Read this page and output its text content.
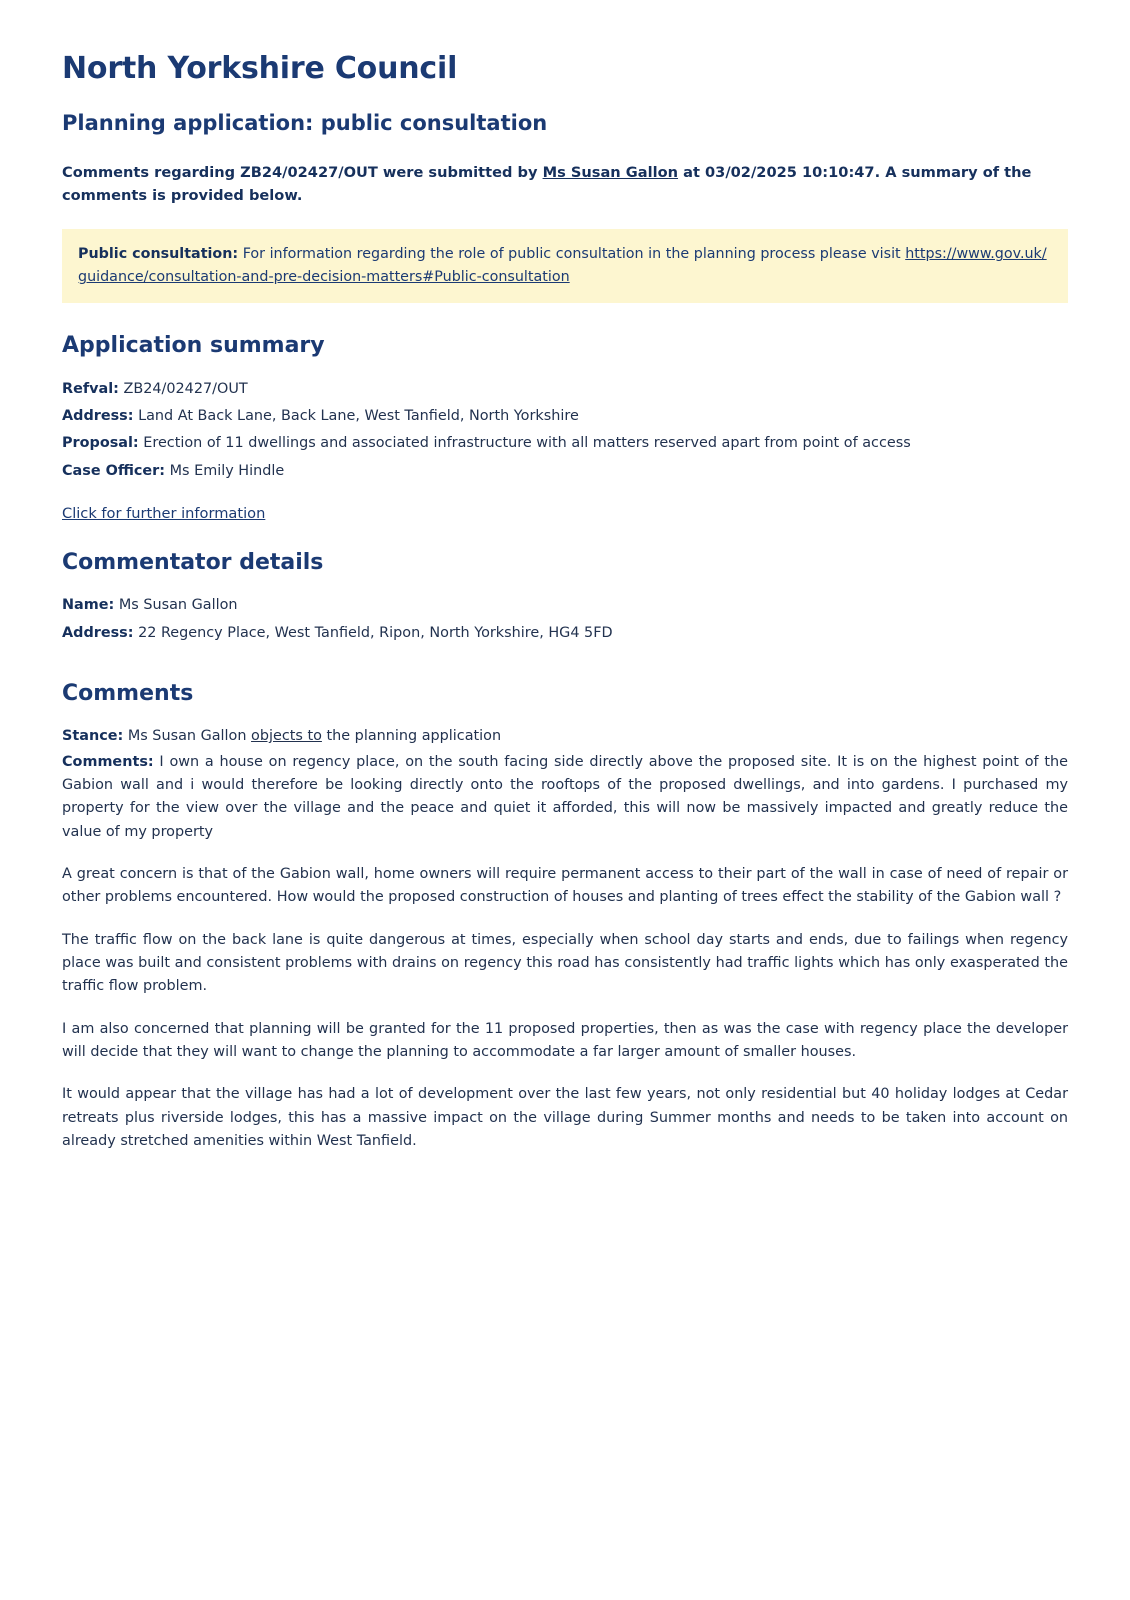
North Yorkshire Council
Planning application: public consultation
Comments regarding ZB24/02427/OUT were submitted by Ms Susan Gallon at 03/02/2025 10:10:47. A summary of the comments is provided below.
Public consultation: For information regarding the role of public consultation in the planning process please visit https://www.gov.uk/guidance/consultation-and-pre-decision-matters#Public-consultation
Application summary
Refval: ZB24/02427/OUT
Address: Land At Back Lane, Back Lane, West Tanfield, North Yorkshire
Proposal: Erection of 11 dwellings and associated infrastructure with all matters reserved apart from point of access
Case Officer: Ms Emily Hindle
Click for further information
Commentator details
Name: Ms Susan Gallon
Address: 22 Regency Place, West Tanfield, Ripon, North Yorkshire, HG4 5FD
Comments

Stance: Ms Susan Gallon objects to the planning application

Comments: I own a house on regency place, on the south facing side directly above the proposed site. It is on the highest point of the Gabion wall and i would therefore be looking directly onto the rooftops of the proposed dwellings, and into gardens. I purchased my property for the view over the village and the peace and quiet it afforded, this will now be massively impacted and greatly reduce the value of my property

A great concern is that of the Gabion wall, home owners will require permanent access to their part of the wall in case of need of repair or other problems encountered. How would the proposed construction of houses and planting of trees effect the stability of the Gabion wall ?

The traffic flow on the back lane is quite dangerous at times, especially when school day starts and ends, due to failings when regency place was built and consistent problems with drains on regency this road has consistently had traffic lights which has only exasperated the traffic flow problem.

I am also concerned that planning will be granted for the 11 proposed properties, then as was the case with regency place the developer will decide that they will want to change the planning to accommodate a far larger amount of smaller houses.

It would appear that the village has had a lot of development over the last few years, not only residential but 40 holiday lodges at Cedar retreats plus riverside lodges, this has a massive impact on the village during Summer months and needs to be taken into account on already stretched amenities within West Tanfield.
